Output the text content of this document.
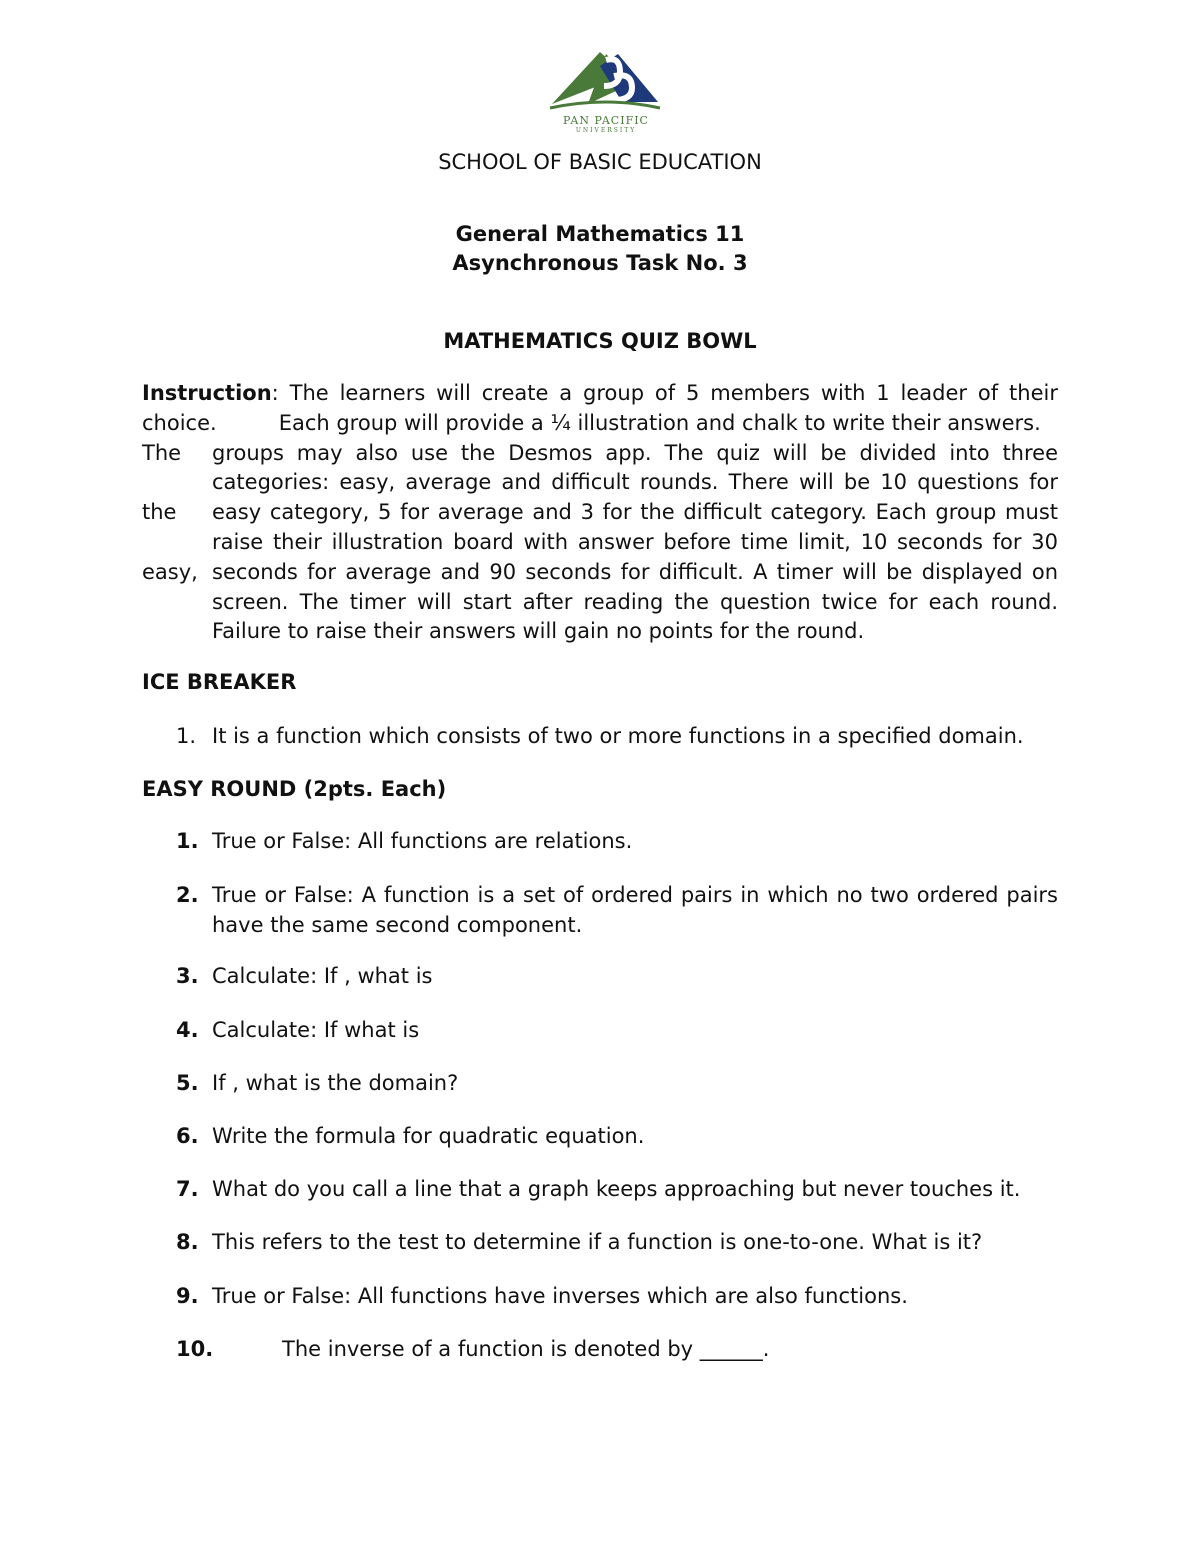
PAN PACIFIC
UNIVERSITY
SCHOOL OF BASIC EDUCATION
General Mathematics 11
Asynchronous Task No. 3
MATHEMATICS QUIZ BOWL
Instruction: The learners will create a group of 5 members with 1 leader of their
choice.	Each group will provide a ¼ illustration and chalk to write their answers.
The
the
easy,
groups may also use the Desmos app. The quiz will be divided into three categories: easy, average and difficult rounds. There will be 10 questions for easy category, 5 for average and 3 for the difficult category. Each group must raise their illustration board with answer before time limit, 10 seconds for 30 seconds for average and 90 seconds for difficult. A timer will be displayed on screen. The timer will start after reading the question twice for each round. Failure to raise their answers will gain no points for the round.
ICE BREAKER
1. It is a function which consists of two or more functions in a specified domain.
EASY ROUND (2pts. Each)
1. True or False: All functions are relations.
2. True or False: A function is a set of ordered pairs in which no two ordered pairs have the same second component.
3. Calculate: If , what is
4. Calculate: If what is
5. If , what is the domain?
6. Write the formula for quadratic equation.
7. What do you call a line that a graph keeps approaching but never touches it.
8. This refers to the test to determine if a function is one-to-one. What is it?
9. True or False: All functions have inverses which are also functions.
10.	The inverse of a function is denoted by ______.
